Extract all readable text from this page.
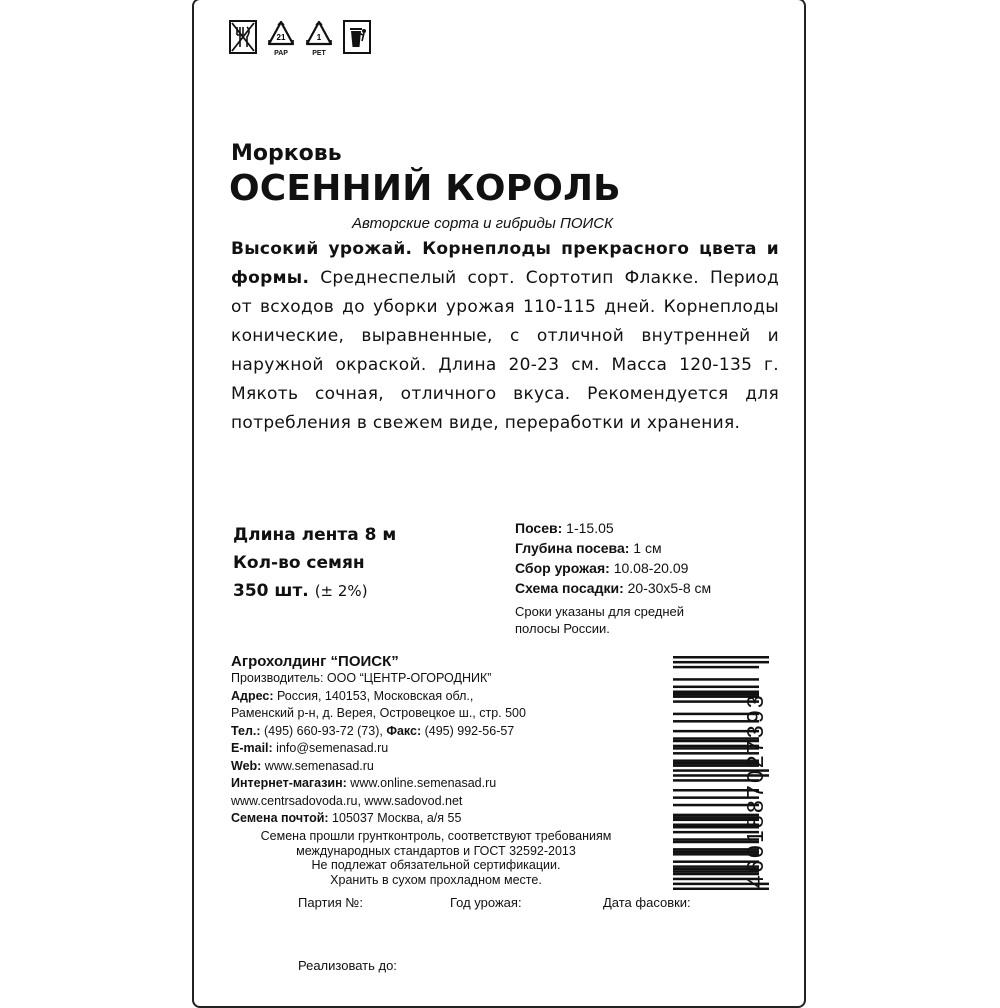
21
PAP
1
PET
Морковь
ОСЕННИЙ КОРОЛЬ
Авторские сорта и гибриды ПОИСК
Высокий урожай. Корнеплоды прекрасного цвета и формы. Среднеспелый сорт. Сортотип Флакке. Период от всходов до уборки урожая 110-115 дней. Корнеплоды конические, выравненные, с отличной внутренней и наружной окраской. Длина 20-23 см. Масса 120-135 г. Мякоть сочная, отличного вкуса. Рекомендуется для потребления в свежем виде, переработки и хранения.
Длина лента 8 м
Кол-во семян
350 шт. (± 2%)
Посев: 1-15.05
Глубина посева: 1 см
Сбор урожая: 10.08-20.09
Схема посадки: 20-30х5-8 см
Сроки указаны для средней полосы России.
Агрохолдинг “ПОИСК”
Производитель: ООО “ЦЕНТР-ОГОРОДНИК”
Адрес: Россия, 140153, Московская обл.,
Раменский р-н, д. Верея, Островецкое ш., стр. 500
Тел.: (495) 660-93-72 (73), Факс: (495) 992-56-57
E-mail: info@semenasad.ru
Web: www.semenasad.ru
Интернет-магазин: www.online.semenasad.ru
www.centrsadovoda.ru, www.sadovod.net
Семена почтой: 105037 Москва, а/я 55
Семена прошли грунтконтроль, соответствуют требованиям
международных стандартов и ГОСТ 32592-2013
Не подлежат обязательной сертификации.
Хранить в сухом прохладном месте.
Партия №:	Год урожая:	Дата фасовки:
Реализовать до:
4601887027393
